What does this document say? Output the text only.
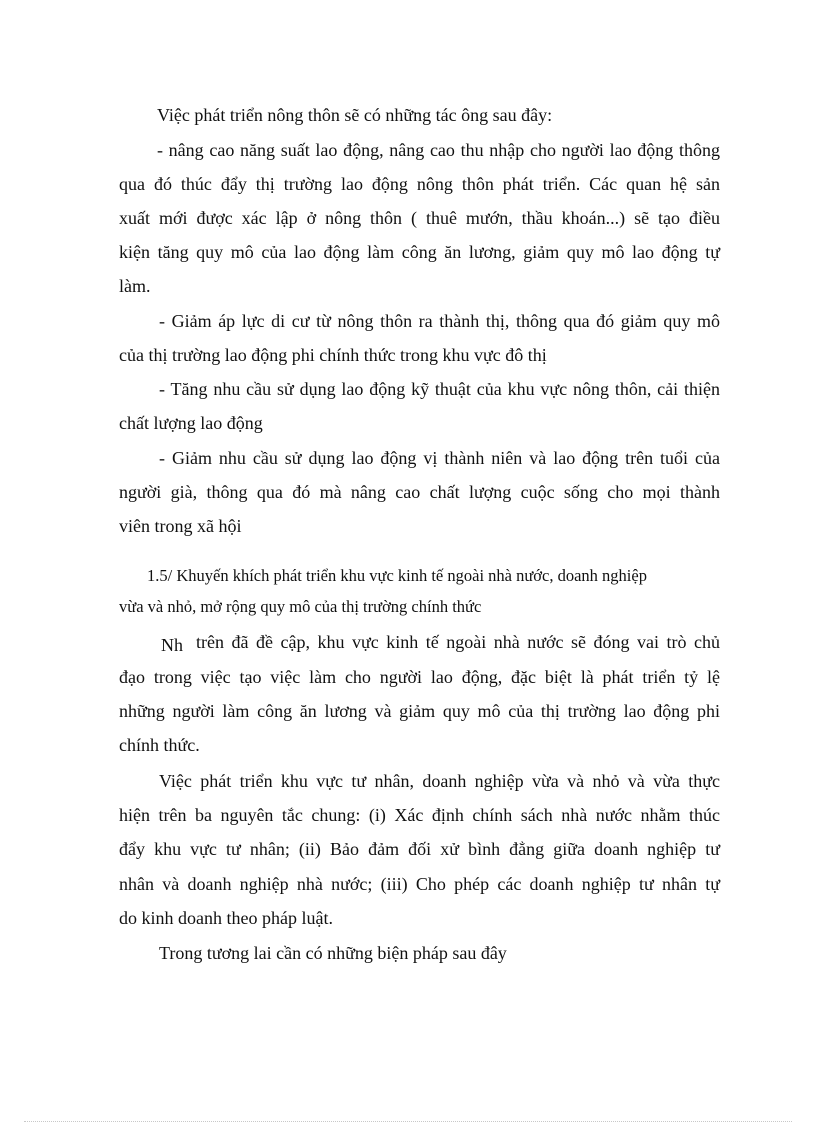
Việc phát triển nông thôn sẽ có những tác ông sau đây:
- nâng cao năng suất lao động, nâng cao thu nhập cho người lao động thông
qua đó thúc đẩy thị trường lao động nông thôn phát triển. Các quan hệ sản
xuất mới được xác lập ở nông thôn ( thuê mướn, thầu khoán...) sẽ tạo điều
kiện tăng quy mô của lao động làm công ăn lương, giảm quy mô lao động tự
làm.
- Giảm áp lực di cư từ nông thôn ra thành thị, thông qua đó giảm quy mô
của thị trường lao động phi chính thức trong khu vực đô thị
- Tăng nhu cầu sử dụng lao động kỹ thuật của khu vực nông thôn, cải thiện
chất lượng lao động
- Giảm nhu cầu sử dụng lao động vị thành niên và lao động trên tuổi của
người già, thông qua đó mà nâng cao chất lượng cuộc sống cho mọi thành
viên trong xã hội
1.5/ Khuyến khích phát triển khu vực kinh tế ngoài nhà nước, doanh nghiệp
vừa và nhỏ, mở rộng quy mô của thị trường chính thức
Nh trên đã đề cập, khu vực kinh tế ngoài nhà nước sẽ đóng vai trò chủ
đạo trong việc tạo việc làm cho người lao động, đặc biệt là phát triển tỷ lệ
những người làm công ăn lương và giảm quy mô của thị trường lao động phi
chính thức.
Việc phát triển khu vực tư nhân, doanh nghiệp vừa và nhỏ và vừa thực
hiện trên ba nguyên tắc chung: (i) Xác định chính sách nhà nước nhằm thúc
đẩy khu vực tư nhân; (ii) Bảo đảm đối xử bình đẳng giữa doanh nghiệp tư
nhân và doanh nghiệp nhà nước; (iii) Cho phép các doanh nghiệp tư nhân tự
do kinh doanh theo pháp luật.
Trong tương lai cần có những biện pháp sau đây
